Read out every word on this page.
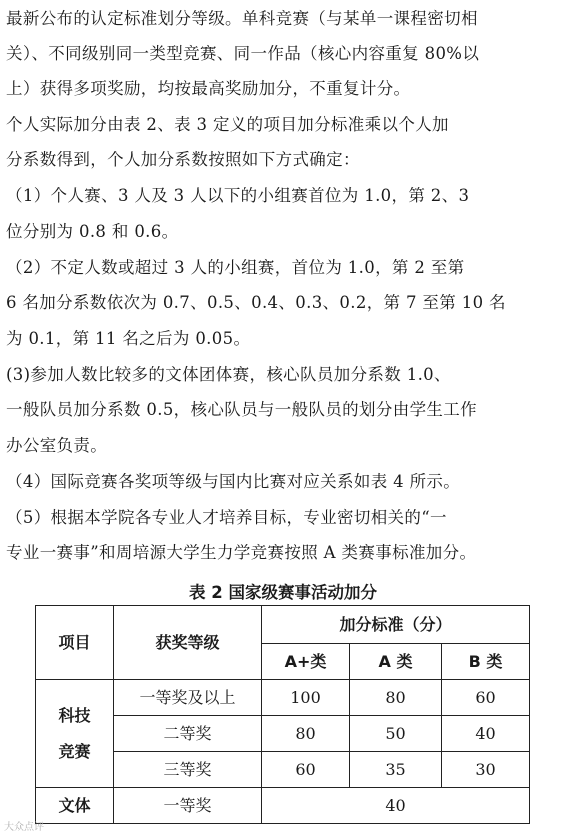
最新公布的认定标准划分等级。单科竞赛（与某单一课程密切相
关）、不同级别同一类型竞赛、同一作品（核心内容重复 80%以
上）获得多项奖励，均按最高奖励加分，不重复计分。
个人实际加分由表 2、表 3 定义的项目加分标准乘以个人加
分系数得到，个人加分系数按照如下方式确定：
（1）个人赛、3 人及 3 人以下的小组赛首位为 1.0，第 2、3
位分别为 0.8 和 0.6。
（2）不定人数或超过 3 人的小组赛，首位为 1.0，第 2 至第
6 名加分系数依次为 0.7、0.5、0.4、0.3、0.2，第 7 至第 10 名
为 0.1，第 11 名之后为 0.05。
(3)参加人数比较多的文体团体赛，核心队员加分系数 1.0、
一般队员加分系数 0.5，核心队员与一般队员的划分由学生工作
办公室负责。
（4）国际竞赛各奖项等级与国内比赛对应关系如表 4 所示。
（5）根据本学院各专业人才培养目标，专业密切相关的“一
专业一赛事”和周培源大学生力学竞赛按照 A 类赛事标准加分。
表 2 国家级赛事活动加分
项目	获奖等级	加分标准（分）		
		A+类	A 类	B 类

科技
竞赛	一等奖及以上	100	80	60
	二等奖	80	50	40
	三等奖	60	35	30
文体	一等奖	40		
大众点评
